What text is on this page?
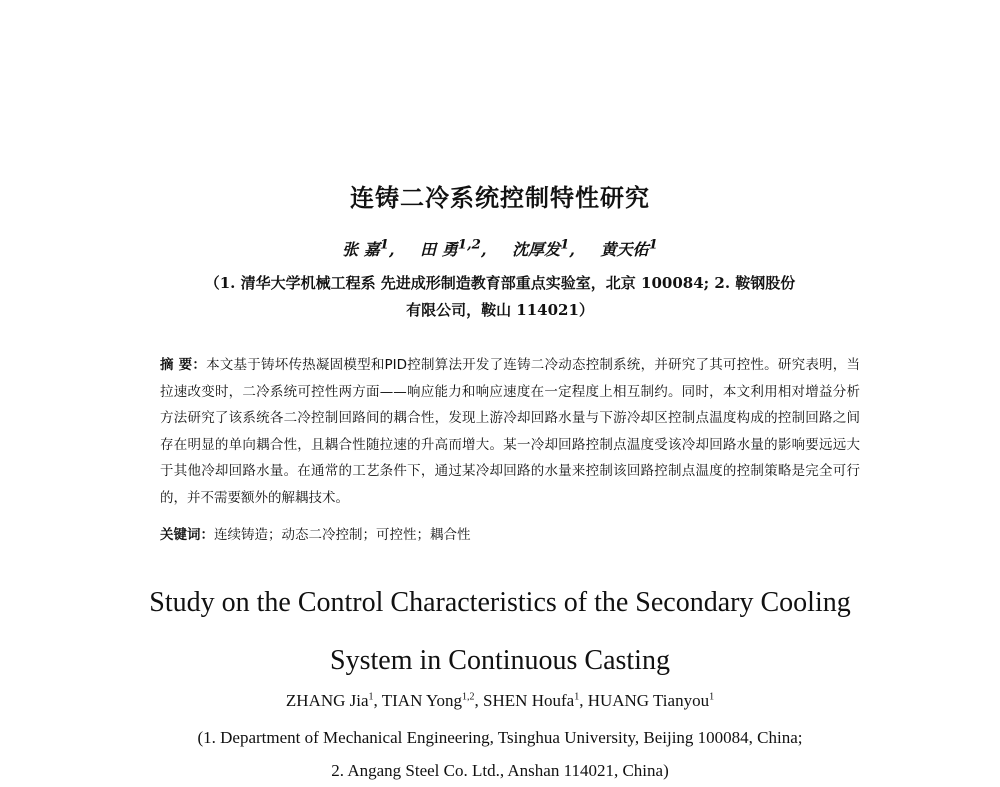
连铸二冷系统控制特性研究
张 嘉$^1$, 田 勇$^{1,2}$, 沈厚发$^1$, 黄天佑$^1$
（1. 清华大学机械工程系 先进成形制造教育部重点实验室，北京 100084; 2. 鞍钢股份
有限公司，鞍山 114021）
摘 要：本文基于铸坏传热凝固模型和PID控制算法开发了连铸二冷动态控制系统，并研究了其可控性。研究表明，当拉速改变时，二冷系统可控性两方面——响应能力和响应速度在一定程度上相互制约。同时，本文利用相对增益分析方法研究了该系统各二冷控制回路间的耦合性，发现上游冷却回路水量与下游冷却区控制点温度构成的控制回路之间存在明显的单向耦合性，且耦合性随拉速的升高而增大。某一冷却回路控制点温度受该冷却回路水量的影响要远远大于其他冷却回路水量。在通常的工艺条件下，通过某冷却回路的水量来控制该回路控制点温度的控制策略是完全可行的，并不需要额外的解耦技术。
关键词：连续铸造；动态二冷控制；可控性；耦合性
Study on the Control Characteristics of the Secondary Cooling
System in Continuous Casting
ZHANG Jia$^1$, TIAN Yong$^{1,2}$, SHEN Houfa$^1$, HUANG Tianyou$^1$
(1. Department of Mechanical Engineering, Tsinghua University, Beijing 100084, China;
2. Angang Steel Co. Ltd., Anshan 114021, China)
